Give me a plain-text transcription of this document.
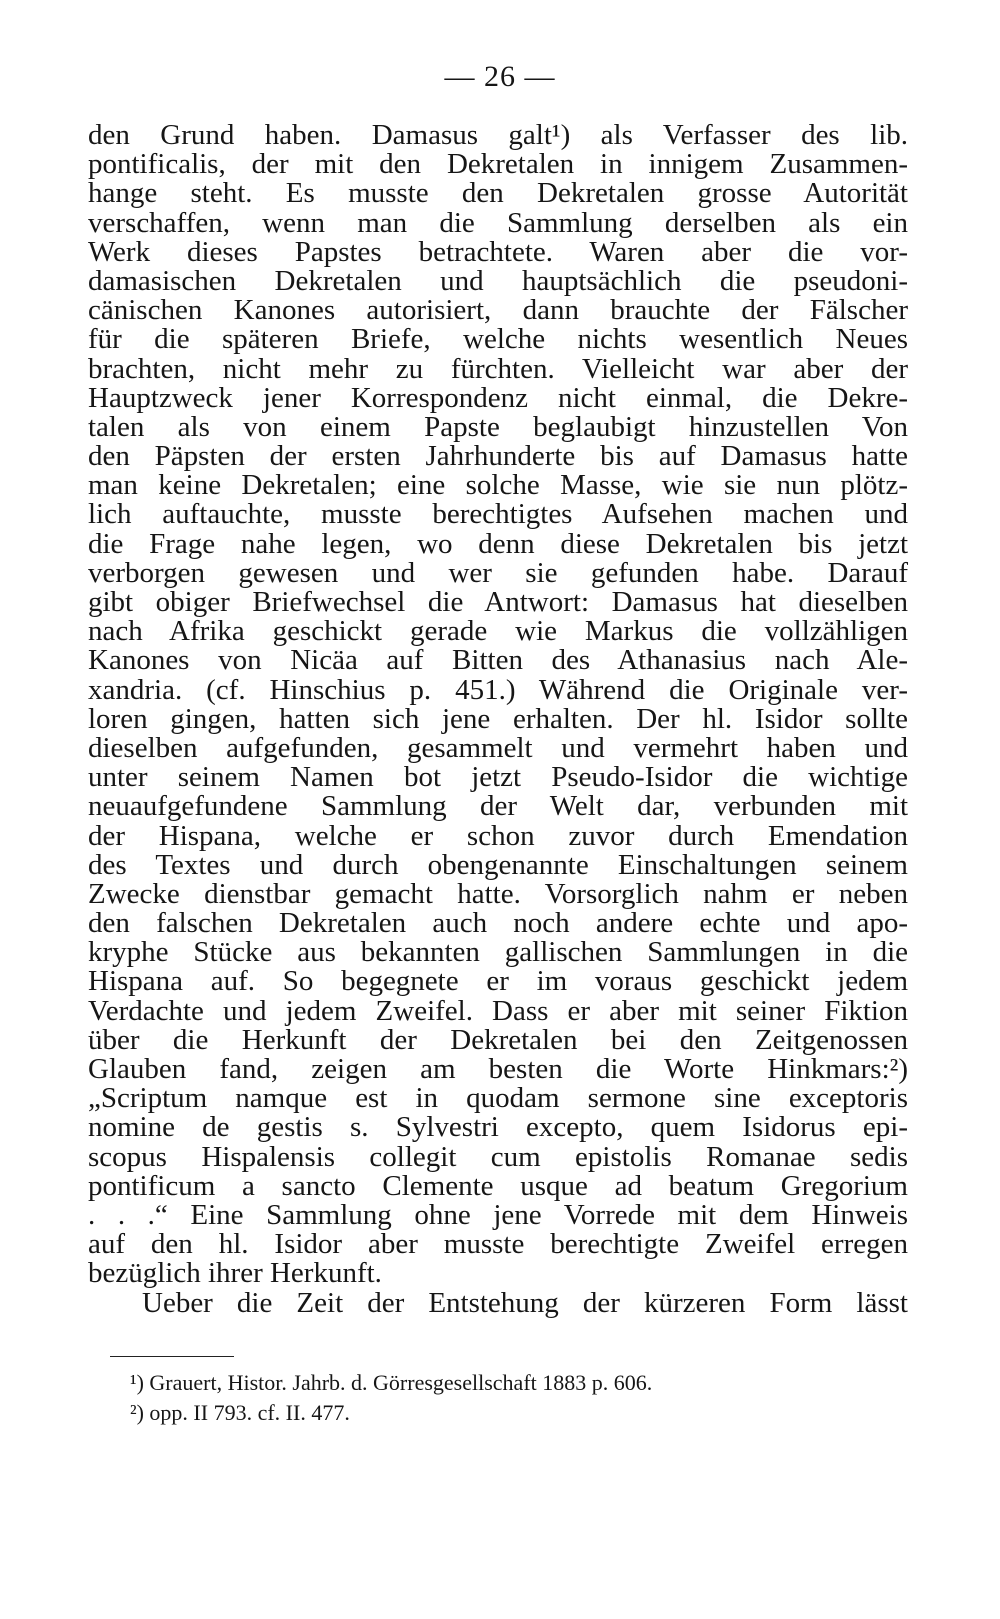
— 26 —
den Grund haben. Damasus galt¹) als Verfasser des lib.
pontificalis, der mit den Dekretalen in innigem Zusammen-
hange steht. Es musste den Dekretalen grosse Autorität
verschaffen, wenn man die Sammlung derselben als ein
Werk dieses Papstes betrachtete. Waren aber die vor-
damasischen Dekretalen und hauptsächlich die pseudoni-
cänischen Kanones autorisiert, dann brauchte der Fälscher
für die späteren Briefe, welche nichts wesentlich Neues
brachten, nicht mehr zu fürchten. Vielleicht war aber der
Hauptzweck jener Korrespondenz nicht einmal, die Dekre-
talen als von einem Papste beglaubigt hinzustellen Von
den Päpsten der ersten Jahrhunderte bis auf Damasus hatte
man keine Dekretalen; eine solche Masse, wie sie nun plötz-
lich auftauchte, musste berechtigtes Aufsehen machen und
die Frage nahe legen, wo denn diese Dekretalen bis jetzt
verborgen gewesen und wer sie gefunden habe. Darauf
gibt obiger Briefwechsel die Antwort: Damasus hat dieselben
nach Afrika geschickt gerade wie Markus die vollzähligen
Kanones von Nicäa auf Bitten des Athanasius nach Ale-
xandria. (cf. Hinschius p. 451.) Während die Originale ver-
loren gingen, hatten sich jene erhalten. Der hl. Isidor sollte
dieselben aufgefunden, gesammelt und vermehrt haben und
unter seinem Namen bot jetzt Pseudo-Isidor die wichtige
neuaufgefundene Sammlung der Welt dar, verbunden mit
der Hispana, welche er schon zuvor durch Emendation
des Textes und durch obengenannte Einschaltungen seinem
Zwecke dienstbar gemacht hatte. Vorsorglich nahm er neben
den falschen Dekretalen auch noch andere echte und apo-
kryphe Stücke aus bekannten gallischen Sammlungen in die
Hispana auf. So begegnete er im voraus geschickt jedem
Verdachte und jedem Zweifel. Dass er aber mit seiner Fiktion
über die Herkunft der Dekretalen bei den Zeitgenossen
Glauben fand, zeigen am besten die Worte Hinkmars:²)
„Scriptum namque est in quodam sermone sine exceptoris
nomine de gestis s. Sylvestri excepto, quem Isidorus epi-
scopus Hispalensis collegit cum epistolis Romanae sedis
pontificum a sancto Clemente usque ad beatum Gregorium
. . .“ Eine Sammlung ohne jene Vorrede mit dem Hinweis
auf den hl. Isidor aber musste berechtigte Zweifel erregen
bezüglich ihrer Herkunft.
Ueber die Zeit der Entstehung der kürzeren Form lässt
¹) Grauert, Histor. Jahrb. d. Görresgesellschaft 1883 p. 606.
²) opp. II 793. cf. II. 477.
